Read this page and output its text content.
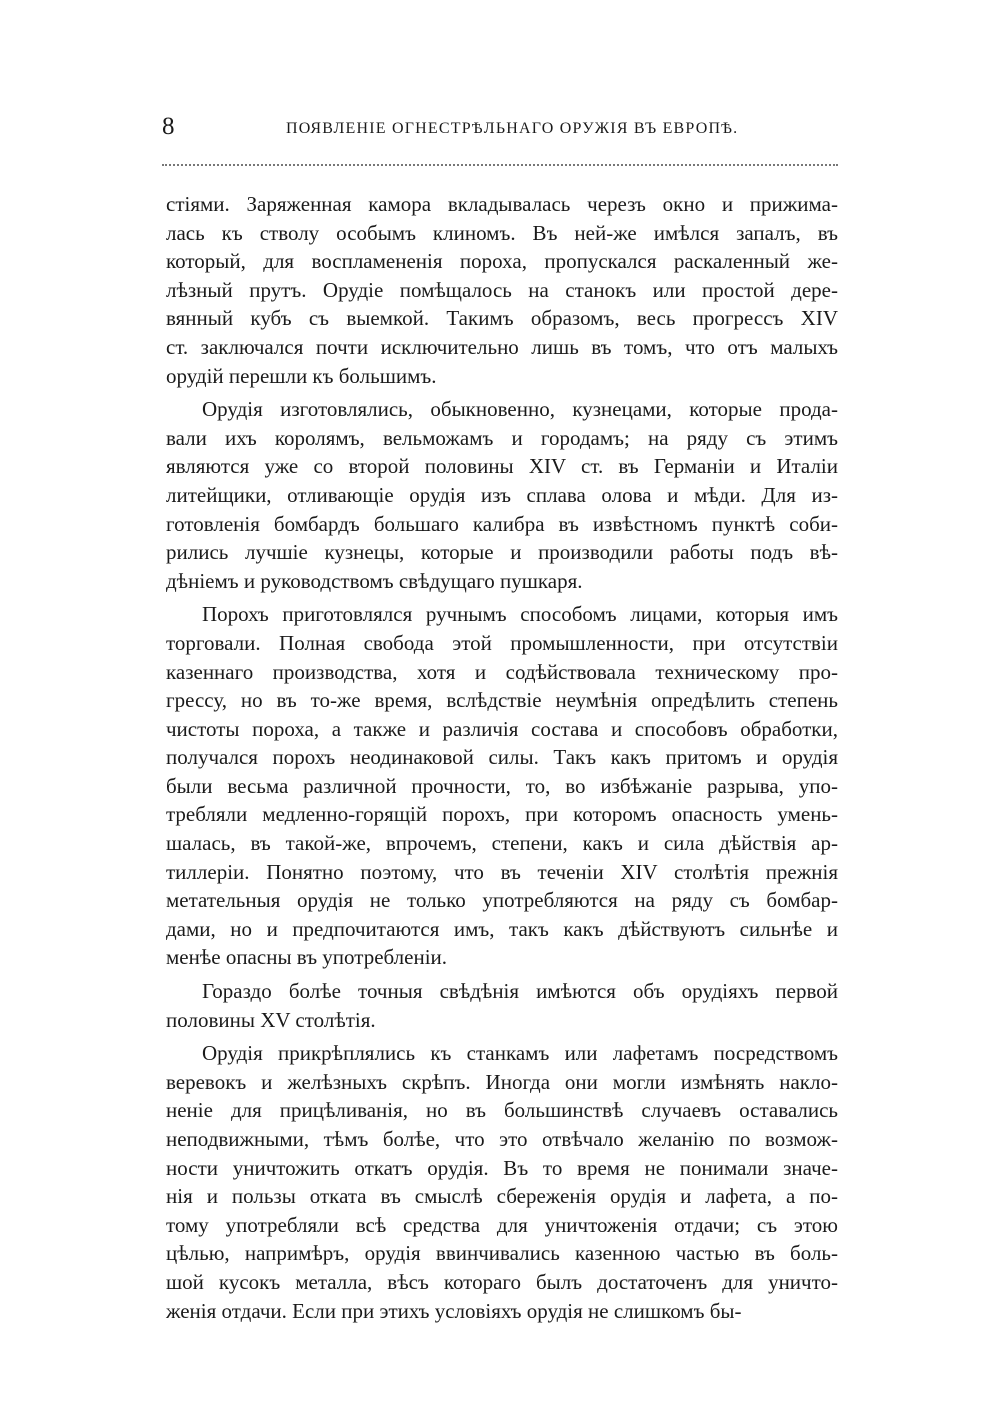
8	ПОЯВЛЕНІЕ ОГНЕСТРѢЛЬНАГО ОРУЖІЯ ВЪ ЕВРОПѢ.
стіями. Заряженная камора вкладывалась черезъ окно и прижима-
лась къ стволу особымъ клиномъ. Въ ней-же имѣлся запалъ, въ
который, для воспламененія пороха, пропускался раскаленный же-
лѣзный прутъ. Орудіе помѣщалось на станокъ или простой дере-
вянный кубъ съ выемкой. Такимъ образомъ, весь прогрессъ XIV
ст. заключался почти исключительно лишь въ томъ, что отъ малыхъ
орудій перешли къ большимъ.
Орудія изготовлялись, обыкновенно, кузнецами, которые прода-
вали ихъ королямъ, вельможамъ и городамъ; на ряду съ этимъ
являются уже со второй половины XIV ст. въ Германіи и Италіи
литейщики, отливающіе орудія изъ сплава олова и мѣди. Для из-
готовленія бомбардъ большаго калибра въ извѣстномъ пунктѣ соби-
рились лучшіе кузнецы, которые и производили работы подъ вѣ-
дѣніемъ и руководствомъ свѣдущаго пушкаря.
Порохъ приготовлялся ручнымъ способомъ лицами, которыя имъ
торговали. Полная свобода этой промышленности, при отсутствіи
казеннаго производства, хотя и содѣйствовала техническому про-
грессу, но въ то-же время, вслѣдствіе неумѣнія опредѣлить степень
чистоты пороха, а также и различія состава и способовъ обработки,
получался порохъ неодинаковой силы. Такъ какъ притомъ и орудія
были весьма различной прочности, то, во избѣжаніе разрыва, упо-
требляли медленно-горящій порохъ, при которомъ опасность умень-
шалась, въ такой-же, впрочемъ, степени, какъ и сила дѣйствія ар-
тиллеріи. Понятно поэтому, что въ теченіи XIV столѣтія прежнія
метательныя орудія не только употребляются на ряду съ бомбар-
дами, но и предпочитаются имъ, такъ какъ дѣйствуютъ сильнѣе и
менѣе опасны въ употребленіи.
Гораздо болѣе точныя свѣдѣнія имѣются объ орудіяхъ первой
половины XV столѣтія.
Орудія прикрѣплялись къ станкамъ или лафетамъ посредствомъ
веревокъ и желѣзныхъ скрѣпъ. Иногда они могли измѣнять накло-
неніе для прицѣливанія, но въ большинствѣ случаевъ оставались
неподвижными, тѣмъ болѣе, что это отвѣчало желанію по возмож-
ности уничтожить откатъ орудія. Въ то время не понимали значе-
нія и пользы отката въ смыслѣ сбереженія орудія и лафета, а по-
тому употребляли всѣ средства для уничтоженія отдачи; съ этою
цѣлью, напримѣръ, орудія ввинчивались казенною частью въ боль-
шой кусокъ металла, вѣсъ котораго былъ достаточенъ для уничто-
женія отдачи. Если при этихъ условіяхъ орудія не слишкомъ бы-
